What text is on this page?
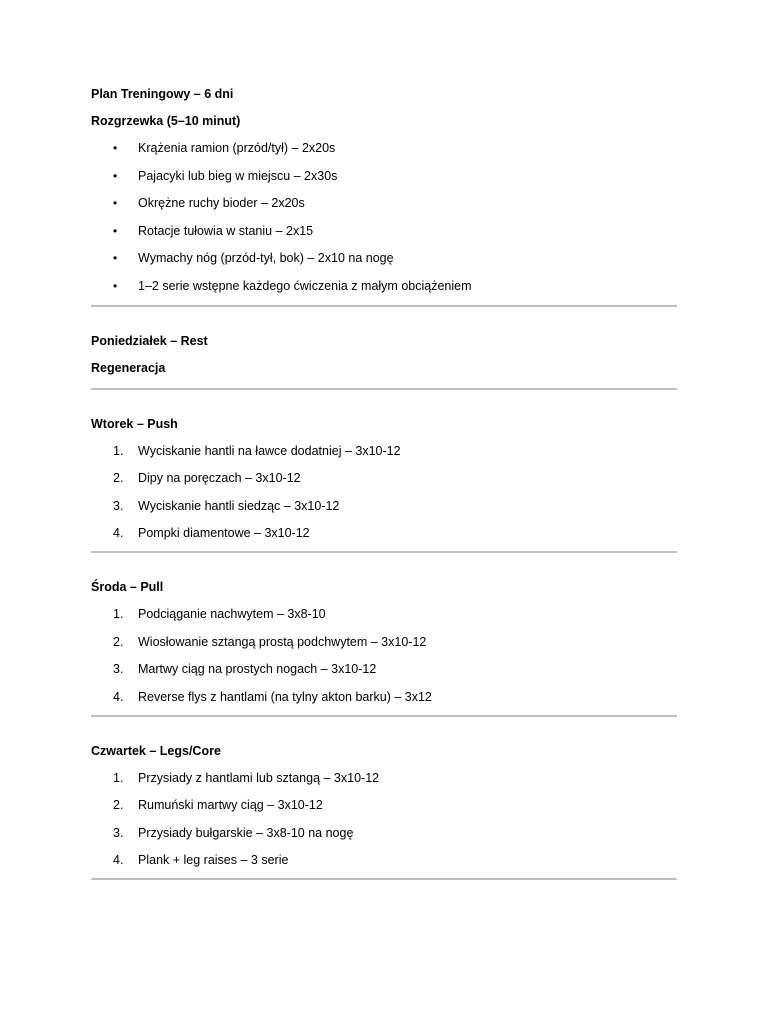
Plan Treningowy – 6 dni
Rozgrzewka (5–10 minut)
•	Krążenia ramion (przód/tył) – 2x20s
•	Pajacyki lub bieg w miejscu – 2x30s
•	Okrężne ruchy bioder – 2x20s
•	Rotacje tułowia w staniu – 2x15
•	Wymachy nóg (przód-tył, bok) – 2x10 na nogę
•	1–2 serie wstępne każdego ćwiczenia z małym obciążeniem
Poniedziałek – Rest
Regeneracja
Wtorek – Push
1.	Wyciskanie hantli na ławce dodatniej – 3x10-12
2.	Dipy na poręczach – 3x10-12
3.	Wyciskanie hantli siedząc – 3x10-12
4.	Pompki diamentowe – 3x10-12
Środa – Pull
1.	Podciąganie nachwytem – 3x8-10
2.	Wiosłowanie sztangą prostą podchwytem – 3x10-12
3.	Martwy ciąg na prostych nogach – 3x10-12
4.	Reverse flys z hantlami (na tylny akton barku) – 3x12
Czwartek – Legs/Core
1.	Przysiady z hantlami lub sztangą – 3x10-12
2.	Rumuński martwy ciąg – 3x10-12
3.	Przysiady bułgarskie – 3x8-10 na nogę
4.	Plank + leg raises – 3 serie
